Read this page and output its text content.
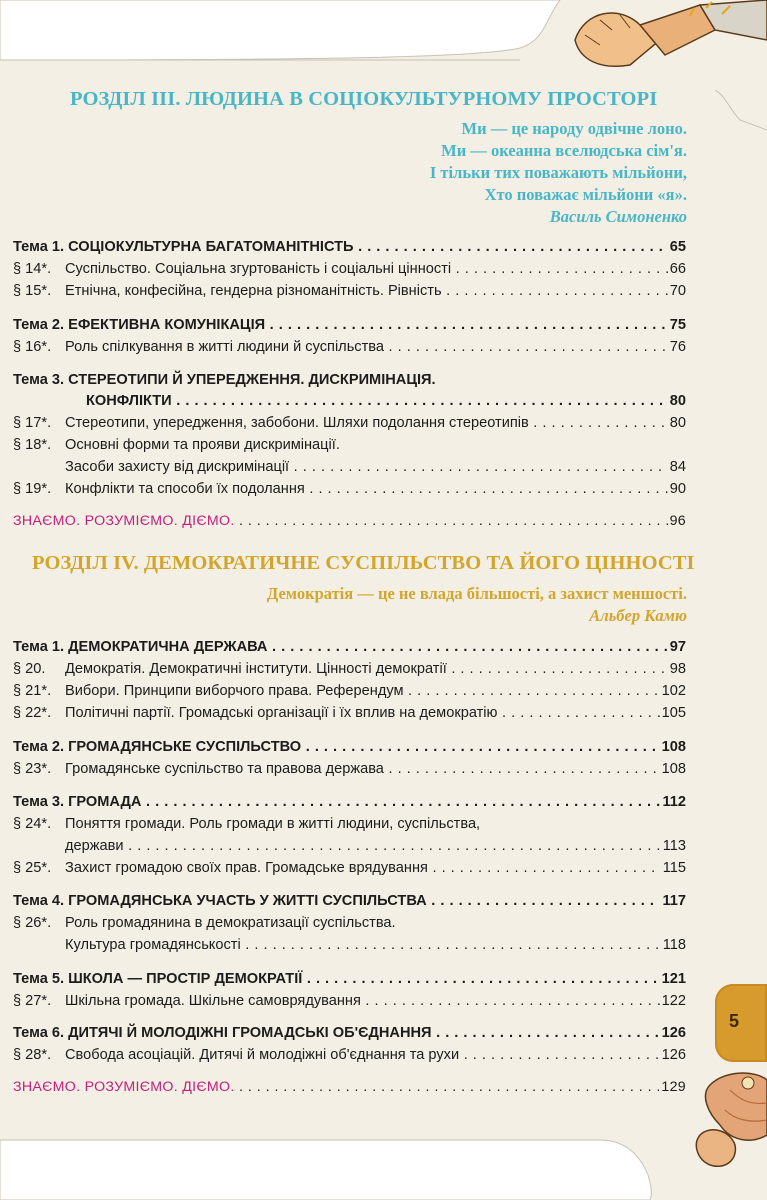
5
РОЗДІЛ ІІІ. ЛЮДИНА В СОЦІОКУЛЬТУРНОМУ ПРОСТОРІ
Ми — це народу одвічне лоно.
Ми — океанна вселюдська сім'я.
І тільки тих поважають мільйони,
Хто поважає мільйони «я».
Василь Симоненко
Тема 1. СОЦІОКУЛЬТУРНА БАГАТОМАНІТНІСТЬ . . .	65
§ 14*. Суспільство. Соціальна згуртованість і соціальні цінності . . .	66
§ 15*. Етнічна, конфесійна, гендерна різноманітність. Рівність . . .	70
Тема 2. ЕФЕКТИВНА КОМУНІКАЦІЯ . . .	75
§ 16*. Роль спілкування в житті людини й суспільства . . .	76
Тема 3. СТЕРЕОТИПИ Й УПЕРЕДЖЕННЯ. ДИСКРИМІНАЦІЯ.
КОНФЛІКТИ . . .	80
§ 17*. Стереотипи, упередження, забобони. Шляхи подолання стереотипів . . .	80
§ 18*. Основні форми та прояви дискримінації.
Засоби захисту від дискримінації . . .	84
§ 19*. Конфлікти та способи їх подолання . . .	90
ЗНАЄМО. РОЗУМІЄМО. ДІЄМО. . . .	96
РОЗДІЛ IV. ДЕМОКРАТИЧНЕ СУСПІЛЬСТВО ТА ЙОГО ЦІННОСТІ
Демократія — це не влада більшості, а захист меншості.
Альбер Камю
Тема 1. ДЕМОКРАТИЧНА ДЕРЖАВА . . .	97
§ 20. Демократія. Демократичні інститути. Цінності демократії . . .	98
§ 21*. Вибори. Принципи виборчого права. Референдум . . .	102
§ 22*. Політичні партії. Громадські організації і їх вплив на демократію . . .	105
Тема 2. ГРОМАДЯНСЬКЕ СУСПІЛЬСТВО . . .	108
§ 23*. Громадянське суспільство та правова держава . . .	108
Тема 3. ГРОМАДА . . .	112
§ 24*. Поняття громади. Роль громади в житті людини, суспільства,
держави . . .	113
§ 25*. Захист громадою своїх прав. Громадське врядування . . .	115
Тема 4. ГРОМАДЯНСЬКА УЧАСТЬ У ЖИТТІ СУСПІЛЬСТВА . . .	117
§ 26*. Роль громадянина в демократизації суспільства.
Культура громадянськості . . .	118
Тема 5. ШКОЛА — ПРОСТІР ДЕМОКРАТІЇ . . .	121
§ 27*. Шкільна громада. Шкільне самоврядування . . .	122
Тема 6. ДИТЯЧІ Й МОЛОДІЖНІ ГРОМАДСЬКІ ОБ'ЄДНАННЯ . . .	126
§ 28*. Свобода асоціацій. Дитячі й молодіжні об'єднання та рухи . . .	126
ЗНАЄМО. РОЗУМІЄМО. ДІЄМО. . . .	129
